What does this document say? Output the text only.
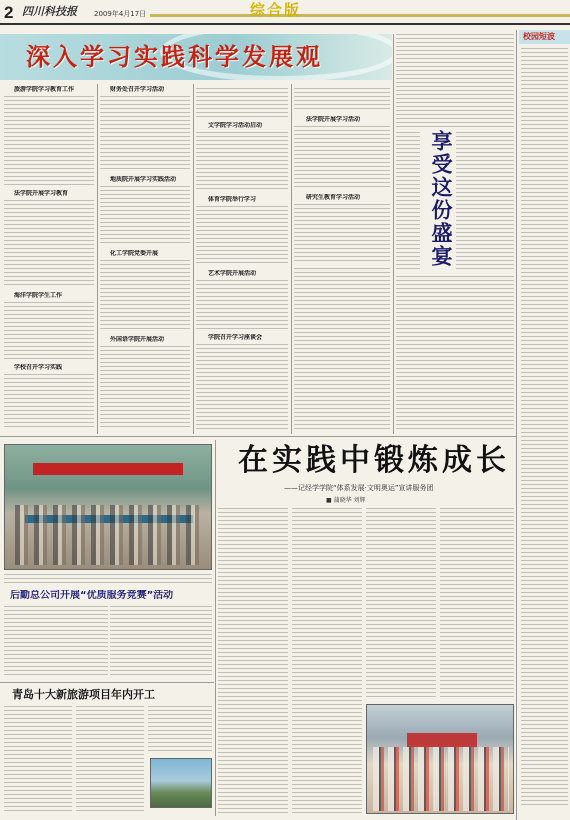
2 四川科技报 2009年4月17日	综合版
深入学习实践科学发展观
旅游学院学习教育工作
法学院开展学习教育
海洋学院学生工作
学校召开学习实践
财务处召开学习活动
地质院开展学习实践活动
化工学院党委开展
外国语学院开展活动
文学院学习活动启动
体育学院举行学习
艺术学院开展活动
学院召开学习座谈会
法学院开展学习活动
研究生教育学习活动	享受这份盛宴
校园短波
在实践中锻炼成长
——记经学学院“体系发展·文明奥运”宣讲服务团
■ 蒲晓华 刘辉
后勤总公司开展“优质服务竞赛”活动
青岛十大新旅游项目年内开工
